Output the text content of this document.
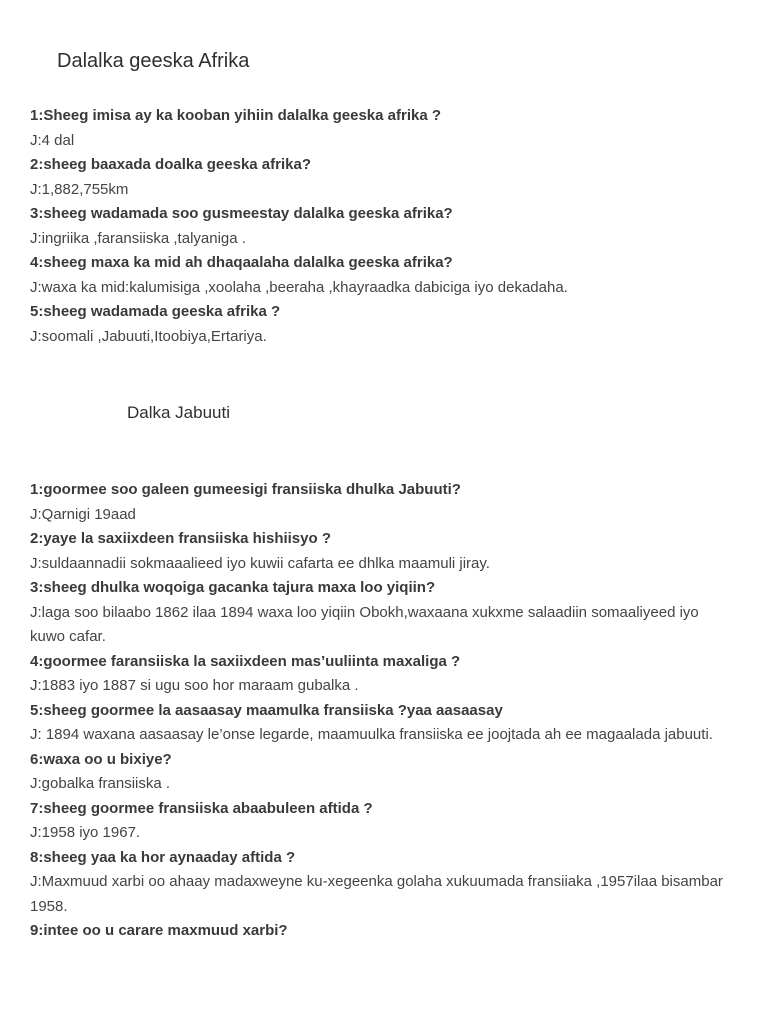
Dalalka geeska Afrika

1:Sheeg imisa ay ka kooban yihiin dalalka geeska afrika ?

J:4 dal

2:sheeg baaxada doalka geeska afrika?

J:1,882,755km

3:sheeg wadamada soo gusmeestay dalalka geeska afrika?

J:ingriika ,faransiiska ,talyaniga .

4:sheeg maxa ka mid ah dhaqaalaha dalalka geeska afrika?

J:waxa ka mid:kalumisiga ,xoolaha ,beeraha ,khayraadka dabiciga iyo dekadaha.

5:sheeg wadamada geeska afrika ?

J:soomali ,Jabuuti,Itoobiya,Ertariya.

Dalka Jabuuti

1:goormee soo galeen gumeesigi fransiiska dhulka Jabuuti?

J:Qarnigi 19aad

2:yaye la saxiixdeen fransiiska hishiisyo ?

J:suldaannadii sokmaaalieed iyo kuwii cafarta ee dhlka maamuli jiray.

3:sheeg dhulka woqoiga gacanka tajura maxa loo yiqiin?

J:laga soo bilaabo 1862 ilaa 1894 waxa loo yiqiin Obokh,waxaana xukxme salaadiin somaaliyeed iyo kuwo cafar.

4:goormee faransiiska la saxiixdeen mas’uuliinta maxaliga ?

J:1883 iyo 1887 si ugu soo hor maraam gubalka .

5:sheeg goormee la aasaasay maamulka fransiiska ?yaa aasaasay

J: 1894 waxana aasaasay le’onse legarde, maamuulka fransiiska ee joojtada ah ee magaalada jabuuti.

6:waxa oo u bixiye?

J:gobalka fransiiska .

7:sheeg goormee fransiiska abaabuleen aftida ?

J:1958 iyo 1967.

8:sheeg yaa ka hor aynaaday aftida ?

J:Maxmuud xarbi oo ahaay madaxweyne ku-xegeenka golaha xukuumada fransiiaka ,1957ilaa bisambar 1958.

9:intee oo u carare maxmuud xarbi?
